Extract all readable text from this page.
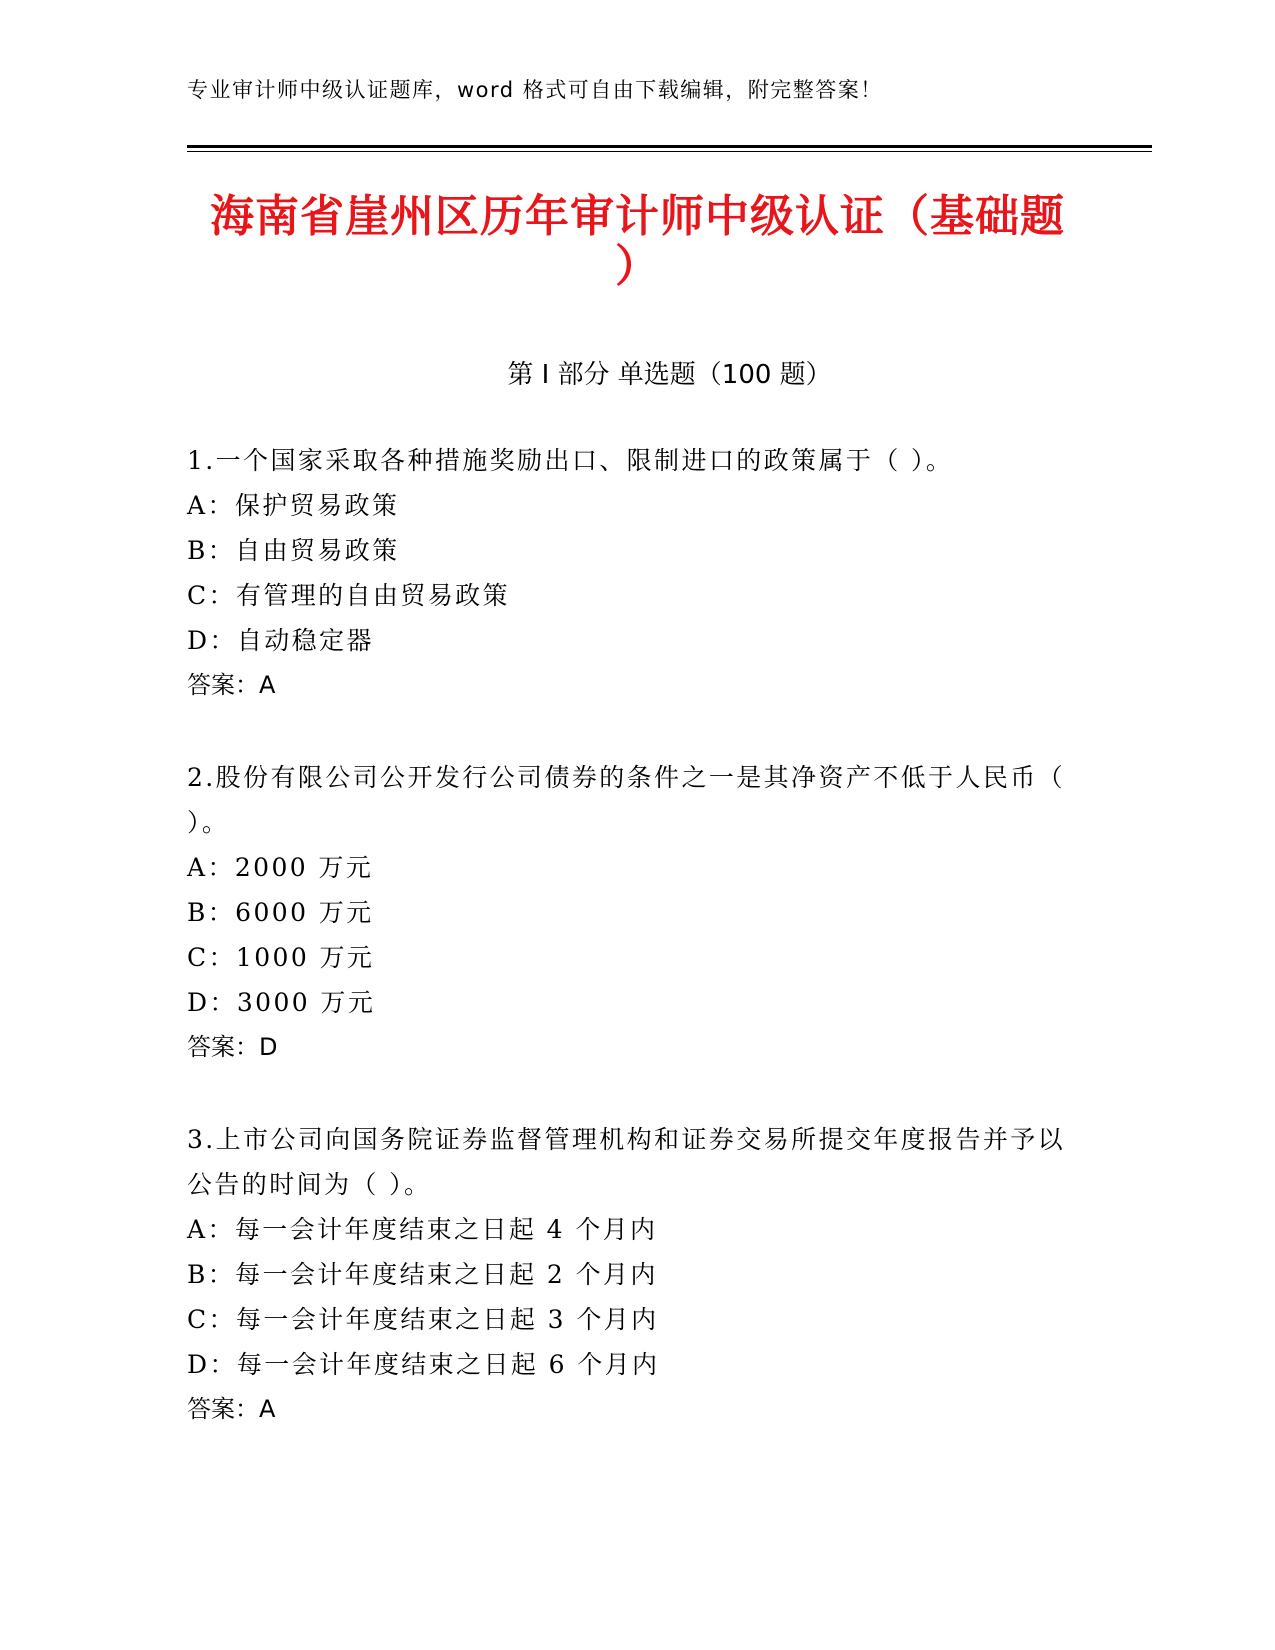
专业审计师中级认证题库，word 格式可自由下载编辑，附完整答案！
海南省崖州区历年审计师中级认证（基础题
）
第 I 部分 单选题（100 题）

1.一个国家采取各种措施奖励出口、限制进口的政策属于（ ）。

A：保护贸易政策

B：自由贸易政策

C：有管理的自由贸易政策

D：自动稳定器

答案：A

2.股份有限公司公开发行公司债券的条件之一是其净资产不低于人民币（ ）。

A：2000 万元

B：6000 万元

C：1000 万元

D：3000 万元

答案：D

3.上市公司向国务院证券监督管理机构和证券交易所提交年度报告并予以公告的时间为（ ）。

A：每一会计年度结束之日起 4 个月内

B：每一会计年度结束之日起 2 个月内

C：每一会计年度结束之日起 3 个月内

D：每一会计年度结束之日起 6 个月内

答案：A
